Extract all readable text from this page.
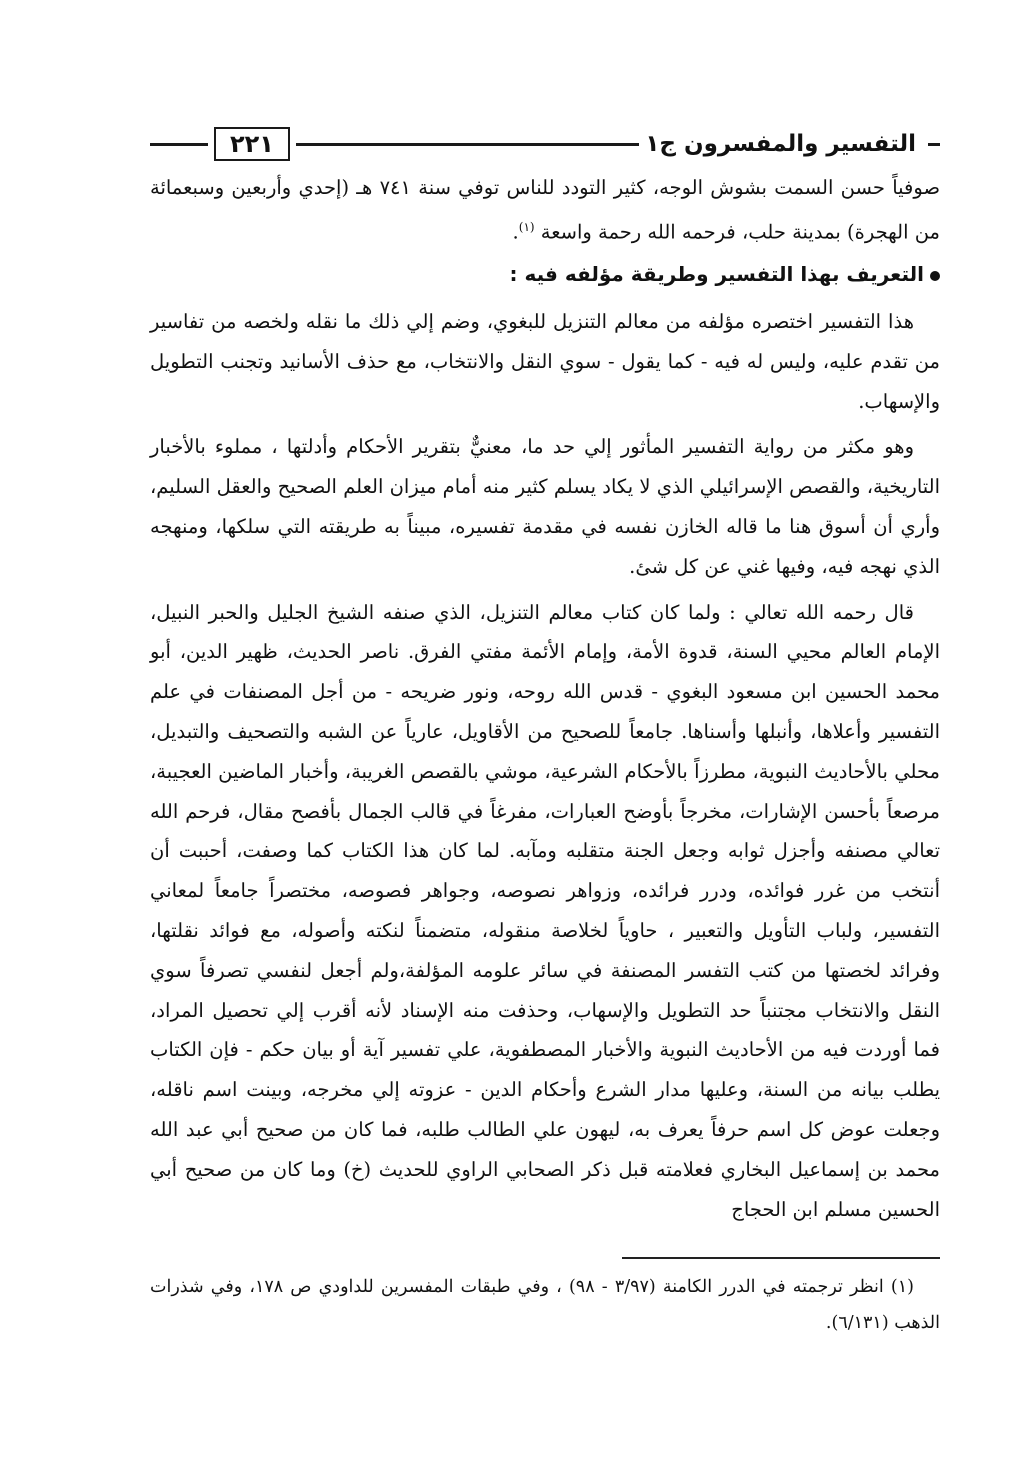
التفسير والمفسرون ج١
٢٢١

صوفياً حسن السمت بشوش الوجه، كثير التودد للناس توفي سنة ٧٤١ هـ (إحدي وأربعين وسبعمائة من الهجرة) بمدينة حلب، فرحمه الله رحمة واسعة $^{(١)}$.

التعريف بهذا التفسير وطريقة مؤلفه فيه :

هذا التفسير اختصره مؤلفه من معالم التنزيل للبغوي، وضم إلي ذلك ما نقله ولخصه من تفاسير من تقدم عليه، وليس له فيه - كما يقول - سوي النقل والانتخاب، مع حذف الأسانيد وتجنب التطويل والإسهاب.

وهو مكثر من رواية التفسير المأثور إلي حد ما، معنيٌّ بتقرير الأحكام وأدلتها ، مملوء بالأخبار التاريخية، والقصص الإسرائيلي الذي لا يكاد يسلم كثير منه أمام ميزان العلم الصحيح والعقل السليم، وأري أن أسوق هنا ما قاله الخازن نفسه في مقدمة تفسيره، مبيناً به طريقته التي سلكها، ومنهجه الذي نهجه فيه، وفيها غني عن كل شئ.

قال رحمه الله تعالي : ولما كان كتاب معالم التنزيل، الذي صنفه الشيخ الجليل والحبر النبيل، الإمام العالم محيي السنة، قدوة الأمة، وإمام الأئمة مفتي الفرق. ناصر الحديث، ظهير الدين، أبو محمد الحسين ابن مسعود البغوي - قدس الله روحه، ونور ضريحه - من أجل المصنفات في علم التفسير وأعلاها، وأنبلها وأسناها. جامعاً للصحيح من الأقاويل، عارياً عن الشبه والتصحيف والتبديل، محلي بالأحاديث النبوية، مطرزاً بالأحكام الشرعية، موشي بالقصص الغريبة، وأخبار الماضين العجيبة، مرصعاً بأحسن الإشارات، مخرجاً بأوضح العبارات، مفرغاً في قالب الجمال بأفصح مقال، فرحم الله تعالي مصنفه وأجزل ثوابه وجعل الجنة متقلبه ومآبه. لما كان هذا الكتاب كما وصفت، أحببت أن أنتخب من غرر فوائده، ودرر فرائده، وزواهر نصوصه، وجواهر فصوصه، مختصراً جامعاً لمعاني التفسير، ولباب التأويل والتعبير ، حاوياً لخلاصة منقوله، متضمناً لنكته وأصوله، مع فوائد نقلتها، وفرائد لخصتها من كتب التفسر المصنفة في سائر علومه المؤلفة،ولم أجعل لنفسي تصرفاً سوي النقل والانتخاب مجتنباً حد التطويل والإسهاب، وحذفت منه الإسناد لأنه أقرب إلي تحصيل المراد، فما أوردت فيه من الأحاديث النبوية والأخبار المصطفوية، علي تفسير آية أو بيان حكم - فإن الكتاب يطلب بيانه من السنة، وعليها مدار الشرع وأحكام الدين - عزوته إلي مخرجه، وبينت اسم ناقله، وجعلت عوض كل اسم حرفاً يعرف به، ليهون علي الطالب طلبه، فما كان من صحيح أبي عبد الله محمد بن إسماعيل البخاري فعلامته قبل ذكر الصحابي الراوي للحديث (خ) وما كان من صحيح أبي الحسين مسلم ابن الحجاج

(١) انظر ترجمته في الدرر الكامنة (٣/٩٧ - ٩٨) ، وفي طبقات المفسرين للداودي ص ١٧٨، وفي شذرات الذهب (٦/١٣١).
